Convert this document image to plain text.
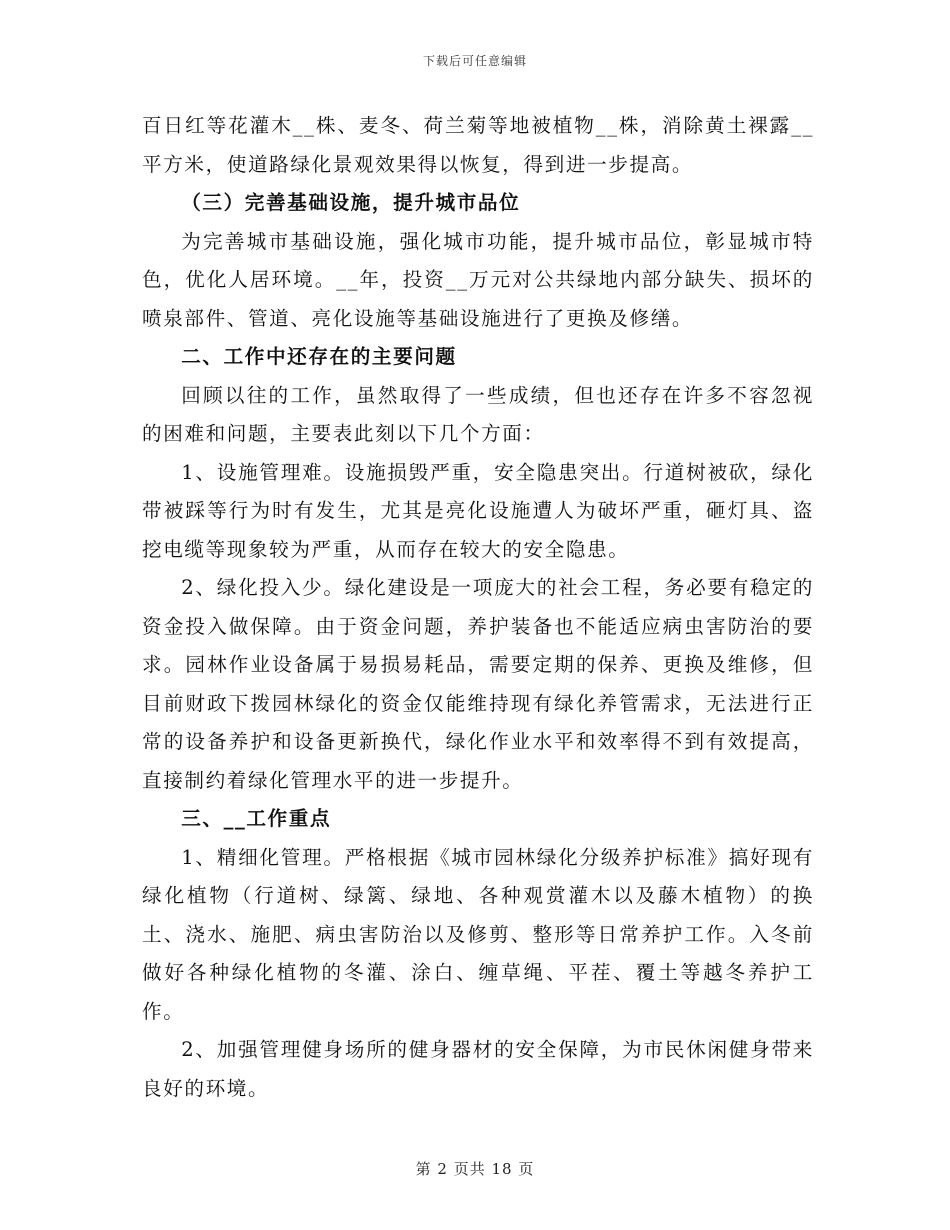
下载后可任意编辑

百日红等花灌木__株、麦冬、荷兰菊等地被植物__株，消除黄土裸露__平方米，使道路绿化景观效果得以恢复，得到进一步提高。

（三）完善基础设施，提升城市品位

为完善城市基础设施，强化城市功能，提升城市品位，彰显城市特色，优化人居环境。__年，投资__万元对公共绿地内部分缺失、损坏的喷泉部件、管道、亮化设施等基础设施进行了更换及修缮。

二、工作中还存在的主要问题

回顾以往的工作，虽然取得了一些成绩，但也还存在许多不容忽视的困难和问题，主要表此刻以下几个方面：

1、设施管理难。设施损毁严重，安全隐患突出。行道树被砍，绿化带被踩等行为时有发生，尤其是亮化设施遭人为破坏严重，砸灯具、盗挖电缆等现象较为严重，从而存在较大的安全隐患。

2、绿化投入少。绿化建设是一项庞大的社会工程，务必要有稳定的资金投入做保障。由于资金问题，养护装备也不能适应病虫害防治的要求。园林作业设备属于易损易耗品，需要定期的保养、更换及维修，但目前财政下拨园林绿化的资金仅能维持现有绿化养管需求，无法进行正常的设备养护和设备更新换代，绿化作业水平和效率得不到有效提高，直接制约着绿化管理水平的进一步提升。

三、__工作重点

1、精细化管理。严格根据《城市园林绿化分级养护标准》搞好现有绿化植物（行道树、绿篱、绿地、各种观赏灌木以及藤木植物）的换土、浇水、施肥、病虫害防治以及修剪、整形等日常养护工作。入冬前做好各种绿化植物的冬灌、涂白、缠草绳、平茬、覆土等越冬养护工作。

2、加强管理健身场所的健身器材的安全保障，为市民休闲健身带来良好的环境。

第 2 页共 18 页
